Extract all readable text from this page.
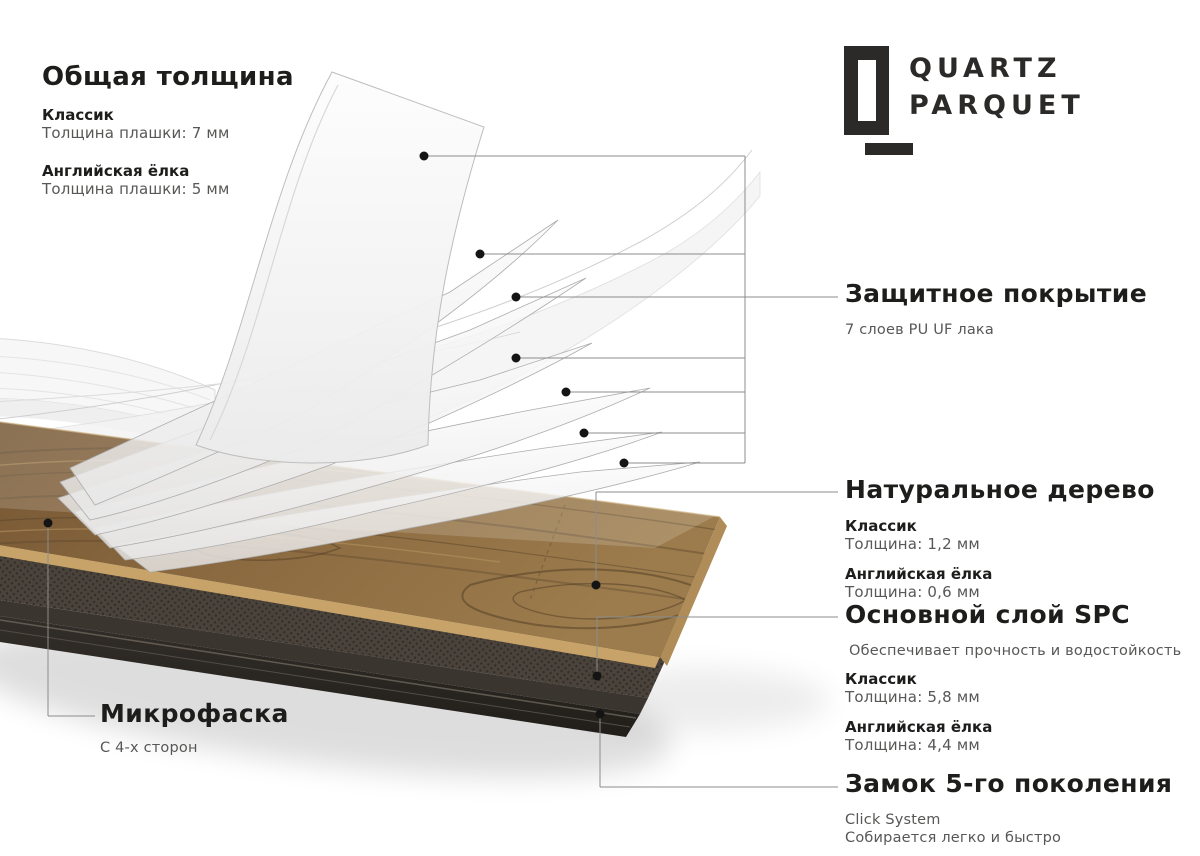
QUARTZ
PARQUET
Общая толщина
Классик
Толщина плашки: 7 мм
Английская ёлка
Толщина плашки: 5 мм
Защитное покрытие
7 слоев PU UF лака
Натуральное дерево
Классик
Толщина: 1,2 мм
Английская ёлка
Толщина: 0,6 мм
Основной слой SPC
Обеспечивает прочность и водостойкость
Классик
Толщина: 5,8 мм
Английская ёлка
Толщина: 4,4 мм
Замок 5-го поколения
Click System
Собирается легко и быстро
Микрофаска
С 4-х сторон
